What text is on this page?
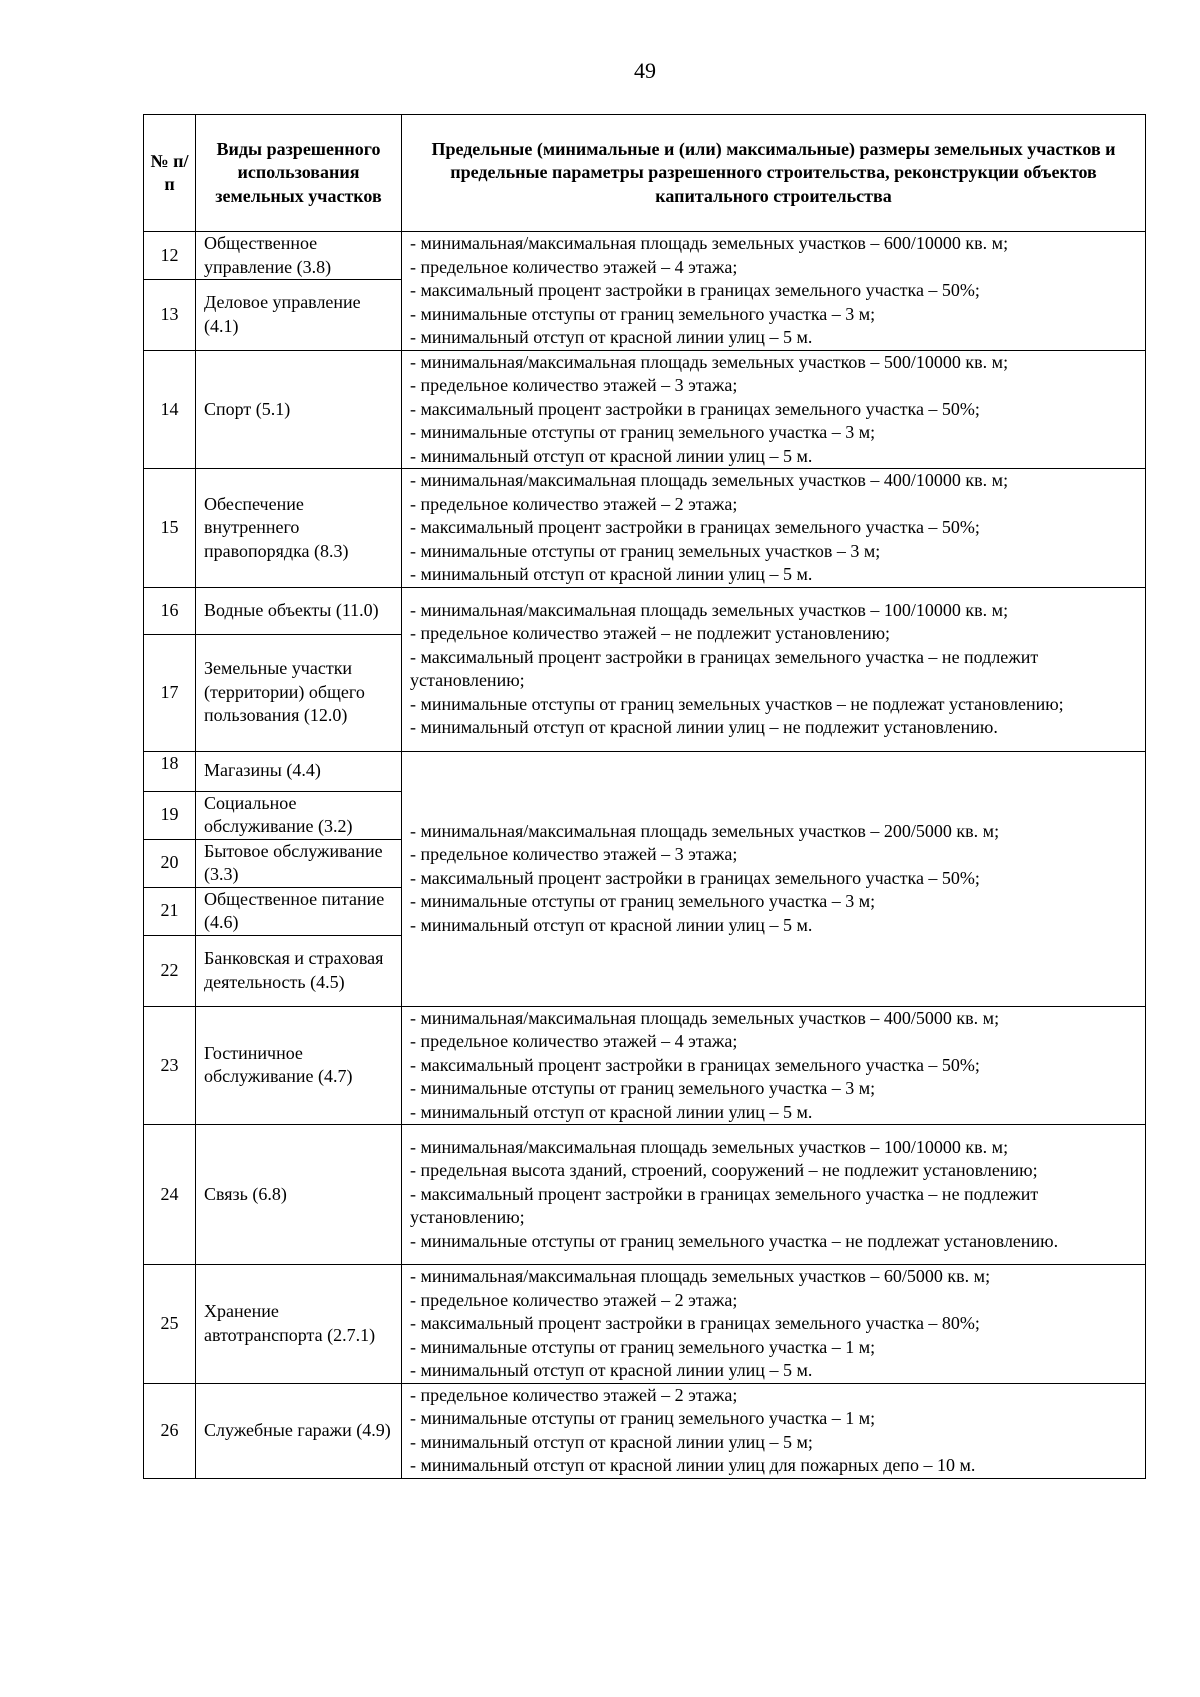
49
№ п/п	Виды разрешенного использования земельных участков	Предельные (минимальные и (или) максимальные) размеры земельных участков и предельные параметры разрешенного строительства, реконструкции объектов капитального строительства
12	Общественное управление (3.8)	- минимальная/максимальная площадь земельных участков – 600/10000 кв. м;
- предельное количество этажей – 4 этажа;
- максимальный процент застройки в границах земельного участка – 50%;
- минимальные отступы от границ земельного участка – 3 м;
- минимальный отступ от красной линии улиц – 5 м.

13	Деловое управление (4.1)	
14	Спорт (5.1)	- минимальная/максимальная площадь земельных участков – 500/10000 кв. м;
- предельное количество этажей – 3 этажа;
- максимальный процент застройки в границах земельного участка – 50%;
- минимальные отступы от границ земельного участка – 3 м;
- минимальный отступ от красной линии улиц – 5 м.

15	Обеспечение внутреннего правопорядка (8.3)	- минимальная/максимальная площадь земельных участков – 400/10000 кв. м;
- предельное количество этажей – 2 этажа;
- максимальный процент застройки в границах земельного участка – 50%;
- минимальные отступы от границ земельных участков – 3 м;
- минимальный отступ от красной линии улиц – 5 м.

16	Водные объекты (11.0)	- минимальная/максимальная площадь земельных участков – 100/10000 кв. м;
- предельное количество этажей – не подлежит установлению;
- максимальный процент застройки в границах земельного участка – не подлежит установлению;
- минимальные отступы от границ земельных участков – не подлежат установлению;
- минимальный отступ от красной линии улиц – не подлежит установлению.

17	Земельные участки (территории) общего пользования (12.0)	
18	Магазины (4.4)	- минимальная/максимальная площадь земельных участков – 200/5000 кв. м;
- предельное количество этажей – 3 этажа;
- максимальный процент застройки в границах земельного участка – 50%;
- минимальные отступы от границ земельного участка – 3 м;
- минимальный отступ от красной линии улиц – 5 м.

19	Социальное обслуживание (3.2)	
20	Бытовое обслуживание (3.3)	
21	Общественное питание (4.6)	
22	Банковская и страховая деятельность (4.5)	
23	Гостиничное обслуживание (4.7)	- минимальная/максимальная площадь земельных участков – 400/5000 кв. м;
- предельное количество этажей – 4 этажа;
- максимальный процент застройки в границах земельного участка – 50%;
- минимальные отступы от границ земельного участка – 3 м;
- минимальный отступ от красной линии улиц – 5 м.

24	Связь (6.8)	- минимальная/максимальная площадь земельных участков – 100/10000 кв. м;
- предельная высота зданий, строений, сооружений – не подлежит установлению;
- максимальный процент застройки в границах земельного участка – не подлежит установлению;
- минимальные отступы от границ земельного участка – не подлежат установлению.

25	Хранение автотранспорта (2.7.1)	- минимальная/максимальная площадь земельных участков – 60/5000 кв. м;
- предельное количество этажей – 2 этажа;
- максимальный процент застройки в границах земельного участка – 80%;
- минимальные отступы от границ земельного участка – 1 м;
- минимальный отступ от красной линии улиц – 5 м.

26	Служебные гаражи (4.9)	- предельное количество этажей – 2 этажа;
- минимальные отступы от границ земельного участка – 1 м;
- минимальный отступ от красной линии улиц – 5 м;
- минимальный отступ от красной линии улиц для пожарных депо – 10 м.
